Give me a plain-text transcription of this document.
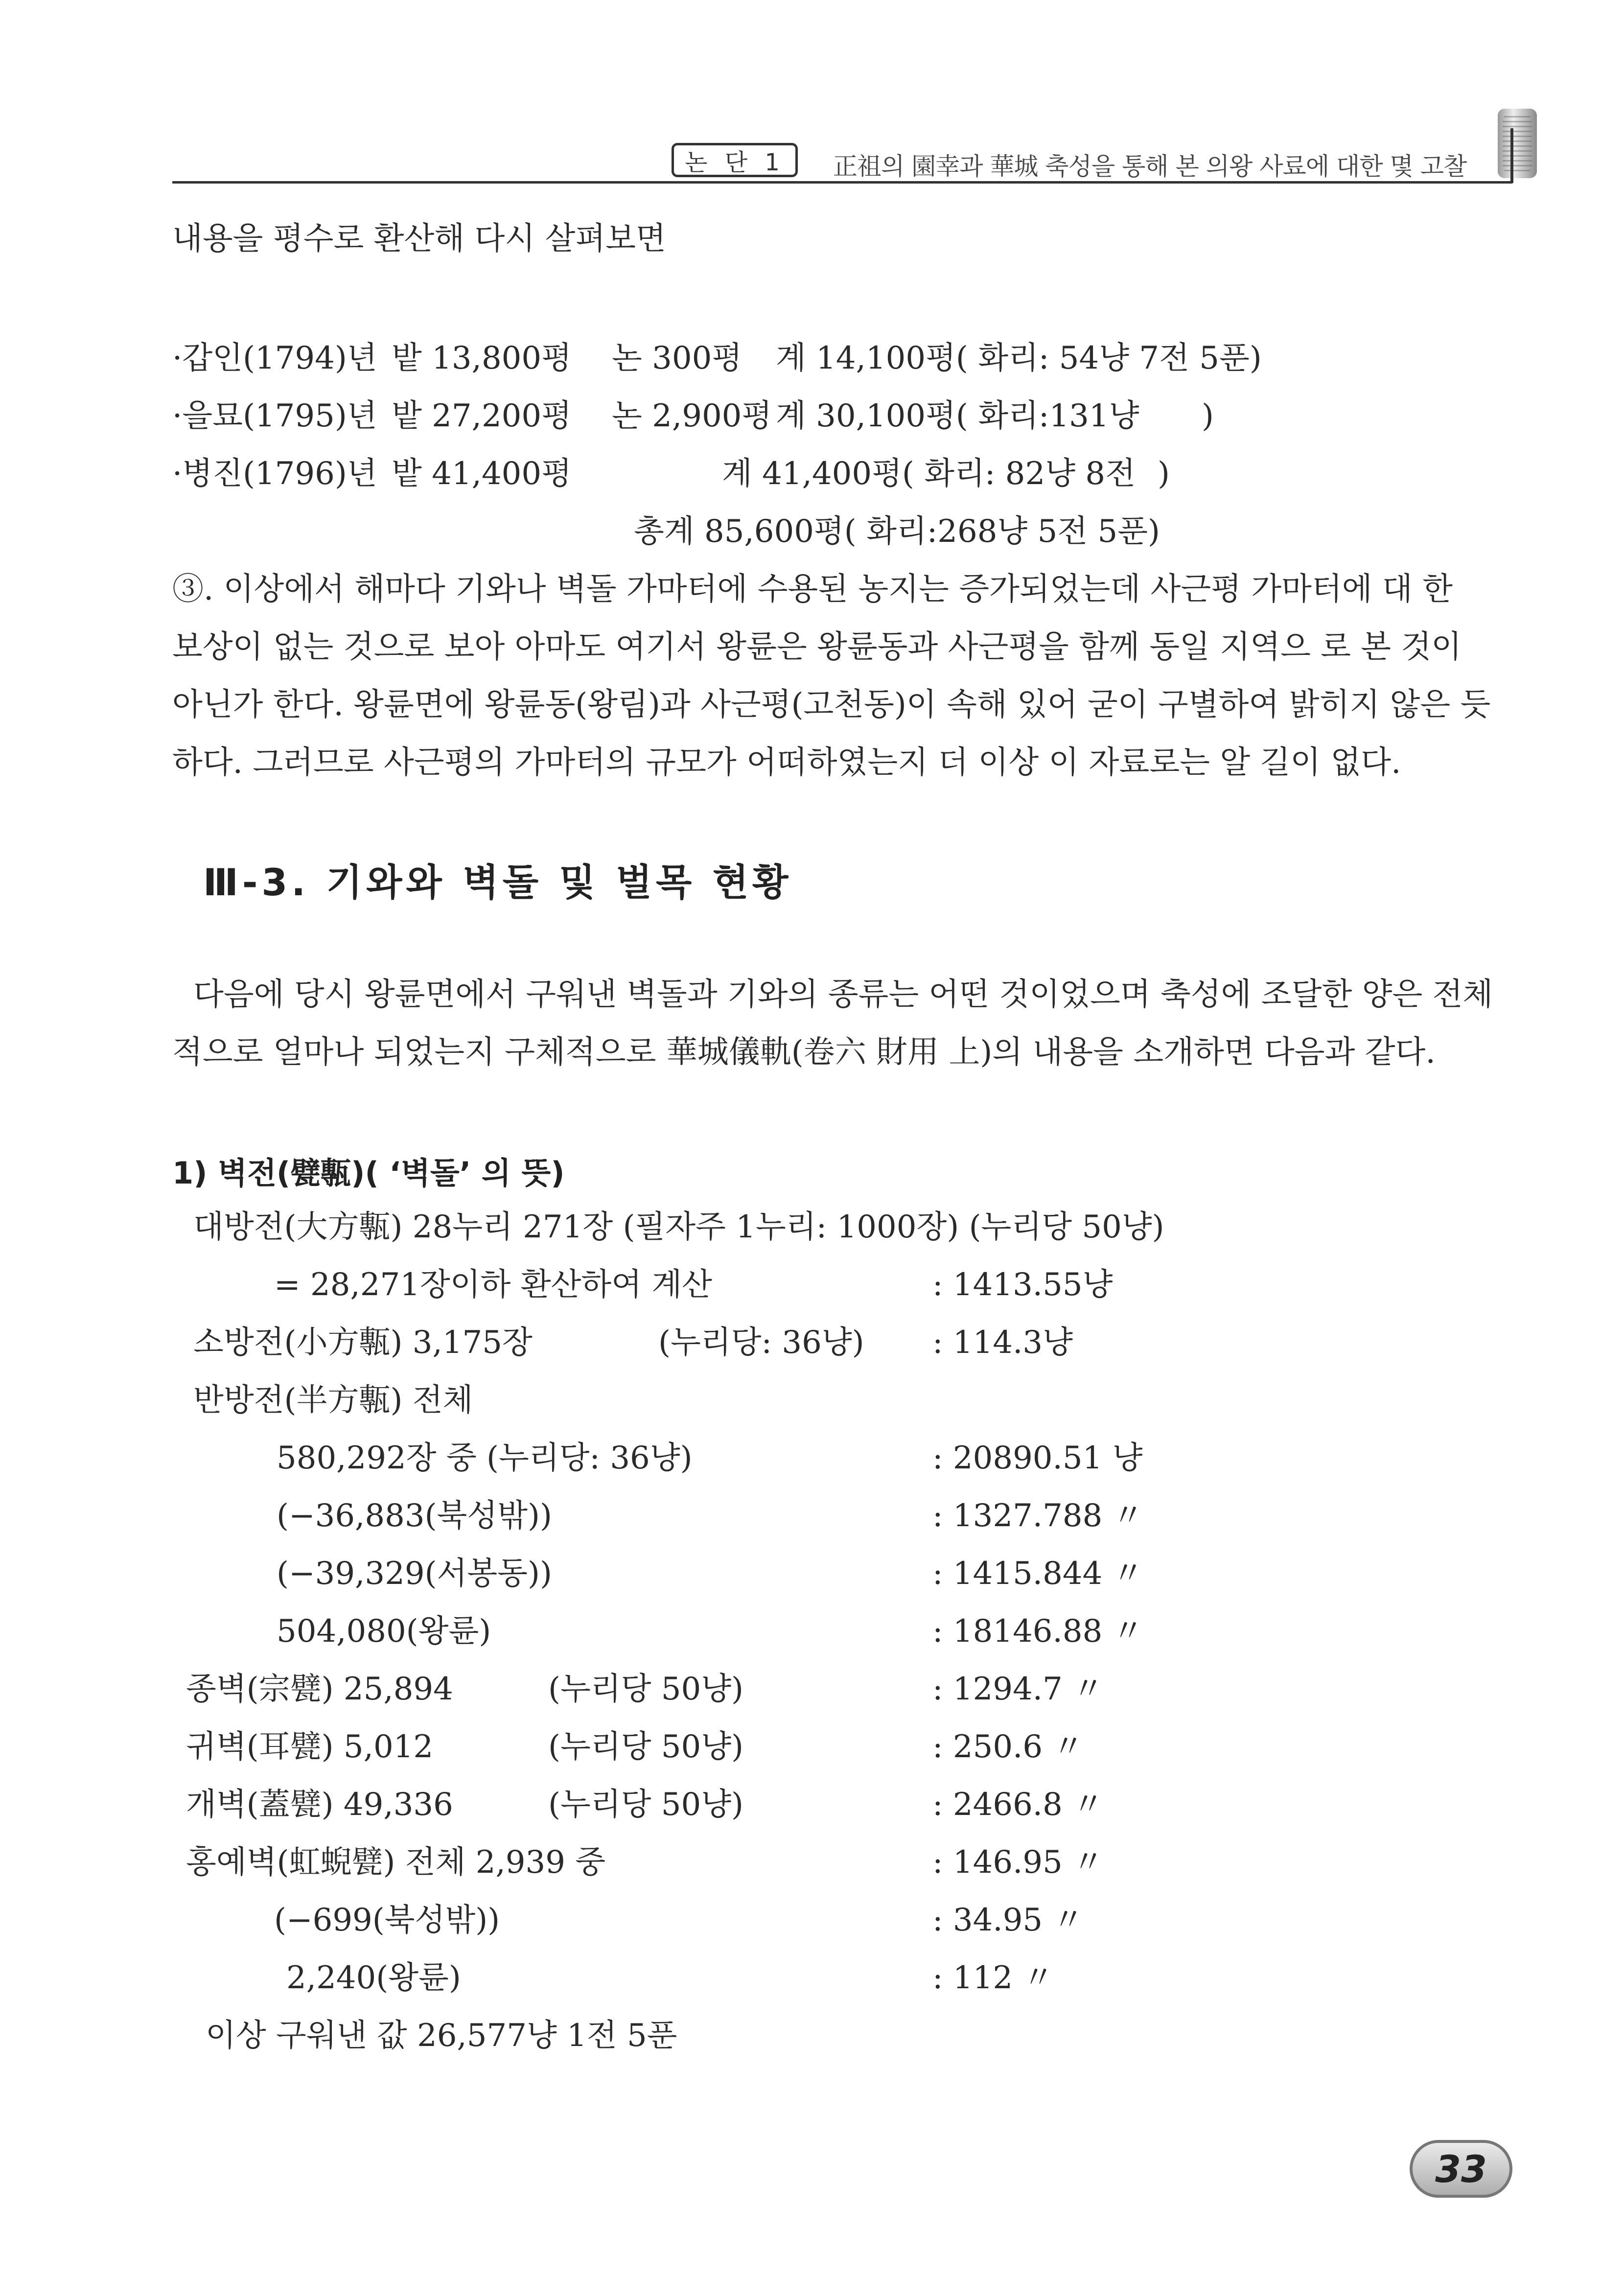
논 단 1	正祖의 園幸과 華城 축성을 통해 본 의왕 사료에 대한 몇 고찰
내용을 평수로 환산해 다시 살펴보면
·갑인(1794)년 밭 13,800평 논 300평 계 14,100평( 화리: 54냥 7전 5푼)
·을묘(1795)년 밭 27,200평 논 2,900평 계 30,100평( 화리:131냥 )
·병진(1796)년 밭 41,400평	계 41,400평( 화리: 82냥 8전 )
총계 85,600평( 화리:268냥 5전 5푼)
③. 이상에서 해마다 기와나 벽돌 가마터에 수용된 농지는 증가되었는데 사근평 가마터에 대 한
보상이 없는 것으로 보아 아마도 여기서 왕륜은 왕륜동과 사근평을 함께 동일 지역으 로 본 것이
아닌가 한다. 왕륜면에 왕륜동(왕림)과 사근평(고천동)이 속해 있어 굳이 구별하여 밝히지 않은 듯
하다. 그러므로 사근평의 가마터의 규모가 어떠하였는지 더 이상 이 자료로는 알 길이 없다.
Ⅲ-3. 기와와 벽돌 및 벌목 현황
다음에 당시 왕륜면에서 구워낸 벽돌과 기와의 종류는 어떤 것이었으며 축성에 조달한 양은 전체
적으로 얼마나 되었는지 구체적으로 華城儀軌(卷六 財用 上)의 내용을 소개하면 다음과 같다.
1) 벽전(甓甎)( ‘벽돌’ 의 뜻)
대방전(大方甎) 28누리 271장 (필자주 1누리: 1000장) (누리당 50냥)
= 28,271장이하 환산하여 계산	: 1413.55냥
소방전(小方甎) 3,175장	(누리당: 36냥) : 114.3냥
반방전(半方甎) 전체
580,292장 중 (누리당: 36냥)	: 20890.51 냥
(−36,883(북성밖))	: 1327.788 〃
(−39,329(서봉동))	: 1415.844 〃
504,080(왕륜)	: 18146.88 〃
종벽(宗甓) 25,894	(누리당 50냥)	: 1294.7 〃
귀벽(耳甓) 5,012	(누리당 50냥)	: 250.6 〃
개벽(蓋甓) 49,336	(누리당 50냥)	: 2466.8 〃
홍예벽(虹蜺甓) 전체 2,939 중	: 146.95 〃
(−699(북성밖))	: 34.95 〃
2,240(왕륜)	: 112 〃
이상 구워낸 값 26,577냥 1전 5푼
33
